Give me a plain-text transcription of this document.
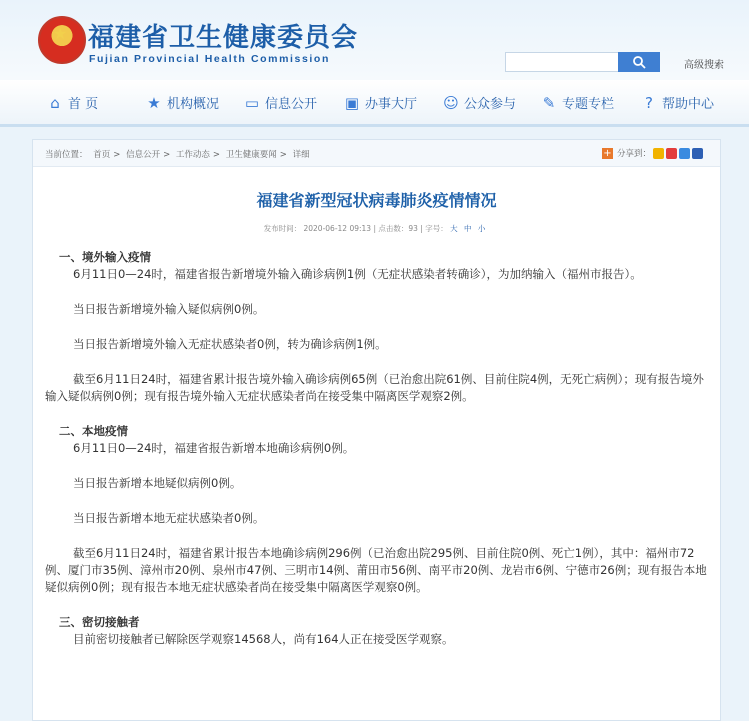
★ 福建省卫生健康委员会
Fujian Provincial Health Commission
高级搜索
⌂ 首 页	★ 机构概况 ▭ 信息公开 ▣ 办事大厅 ☺ 公众参与 ✎ 专题专栏 ? 帮助中心
当前位置： 首页 > 信息公开 > 工作动态 > 卫生健康要闻 > 详细	+ 分享到：
福建省新型冠状病毒肺炎疫情情况
发布时间： 2020-06-12 09:13 | 点击数：93 | 字号： 大 中 小

一、境外输入疫情

6月11日0—24时，福建省报告新增境外输入确诊病例1例（无症状感染者转确诊），为加纳输入（福州市报告）。

当日报告新增境外输入疑似病例0例。

当日报告新增境外输入无症状感染者0例，转为确诊病例1例。

截至6月11日24时，福建省累计报告境外输入确诊病例65例（已治愈出院61例、目前住院4例，无死亡病例）；现有报告境外输入疑似病例0例；现有报告境外输入无症状感染者尚在接受集中隔离医学观察2例。

二、本地疫情

6月11日0—24时，福建省报告新增本地确诊病例0例。

当日报告新增本地疑似病例0例。

当日报告新增本地无症状感染者0例。

截至6月11日24时，福建省累计报告本地确诊病例296例（已治愈出院295例、目前住院0例、死亡1例），其中：福州市72例、厦门市35例、漳州市20例、泉州市47例、三明市14例、莆田市56例、南平市20例、龙岩市6例、宁德市26例；现有报告本地疑似病例0例；现有报告本地无症状感染者尚在接受集中隔离医学观察0例。

三、密切接触者

目前密切接触者已解除医学观察14568人，尚有164人正在接受医学观察。
